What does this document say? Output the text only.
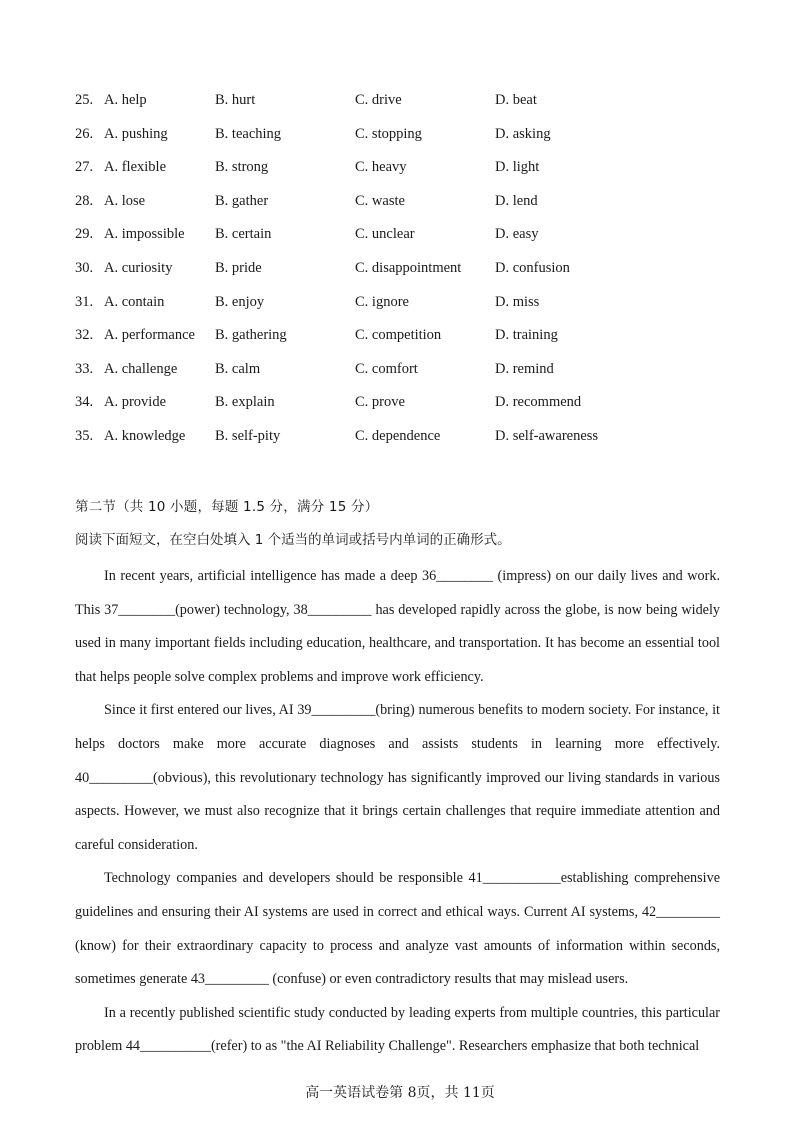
25. A. help	B. hurt	C. drive	D. beat
26. A. pushing	B. teaching	C. stopping	D. asking
27. A. flexible	B. strong	C. heavy	D. light
28. A. lose	B. gather	C. waste	D. lend
29. A. impossible B. certain	C. unclear	D. easy
30. A. curiosity	B. pride	C. disappointment D. confusion
31. A. contain	B. enjoy	C. ignore	D. miss
32. A. performance B. gathering	C. competition	D. training
33. A. challenge	B. calm	C. comfort	D. remind
34. A. provide	B. explain	C. prove	D. recommend
35. A. knowledge B. self-pity	C. dependence	D. self-awareness
第二节（共 10 小题，每题 1.5 分，满分 15 分）
阅读下面短文，在空白处填入 1 个适当的单词或括号内单词的正确形式。

In recent years, artificial intelligence has made a deep 36________ (impress) on our daily lives and work. This 37________(power) technology, 38_________ has developed rapidly across the globe, is now being widely used in many important fields including education, healthcare, and transportation. It has become an essential tool that helps people solve complex problems and improve work efficiency.

Since it first entered our lives, AI 39_________(bring) numerous benefits to modern society. For instance, it helps doctors make more accurate diagnoses and assists students in learning more effectively. 40_________(obvious), this revolutionary technology has significantly improved our living standards in various aspects. However, we must also recognize that it brings certain challenges that require immediate attention and careful consideration.

Technology companies and developers should be responsible 41___________establishing comprehensive guidelines and ensuring their AI systems are used in correct and ethical ways. Current AI systems, 42_________ (know) for their extraordinary capacity to process and analyze vast amounts of information within seconds, sometimes generate 43_________ (confuse) or even contradictory results that may mislead users.

In a recently published scientific study conducted by leading experts from multiple countries, this particular problem 44__________(refer) to as "the AI Reliability Challenge". Researchers emphasize that both technical

高一英语试卷第 8页，共 11页
